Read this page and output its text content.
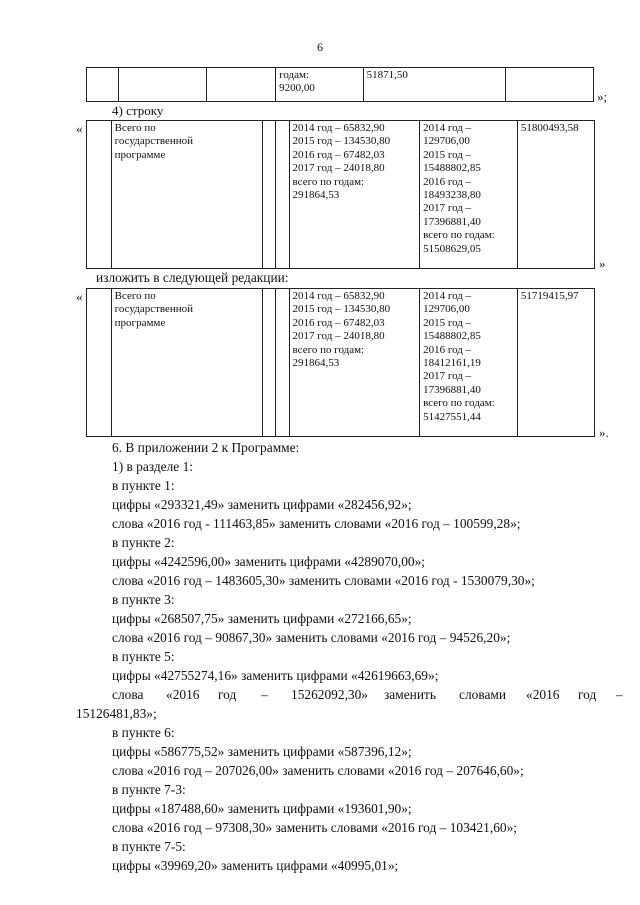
6
			годам:
9200,00	51871,50	
»;
4) строку
«
		Всего по
государственной
программе			2014 год – 65832,90
2015 год – 134530,80
2016 год – 67482,03
2017 год – 24018,80
всего по годам:
291864,53	2014 год –
129706,00
2015 год –
15488802,85
2016 год –
18493238,80
2017 год –
17396881,40
всего по годам:
51508629,05	51800493,58
»
изложить в следующей редакции:
«
		Всего по
государственной
программе			2014 год – 65832,90
2015 год – 134530,80
2016 год – 67482,03
2017 год – 24018,80
всего по годам:
291864,53	2014 год –
129706,00
2015 год –
15488802,85
2016 год –
18412161,19
2017 год –
17396881,40
всего по годам:
51427551,44	51719415,97
».
6. В приложении 2 к Программе:
1) в разделе 1:
в пункте 1:
цифры «293321,49» заменить цифрами «282456,92»;
слова «2016 год - 111463,85» заменить словами «2016 год – 100599,28»;
в пункте 2:
цифры «4242596,00» заменить цифрами «4289070,00»;
слова «2016 год – 1483605,30» заменить словами «2016 год - 1530079,30»;
в пункте 3:
цифры «268507,75» заменить цифрами «272166,65»;
слова «2016 год – 90867,30» заменить словами «2016 год – 94526,20»;
в пункте 5:
цифры «42755274,16» заменить цифрами «42619663,69»;
слова «2016 год – 15262092,30» заменить словами «2016 год –
15126481,83»;
в пункте 6:
цифры «586775,52» заменить цифрами «587396,12»;
слова «2016 год – 207026,00» заменить словами «2016 год – 207646,60»;
в пункте 7-3:
цифры «187488,60» заменить цифрами «193601,90»;
слова «2016 год – 97308,30» заменить словами «2016 год – 103421,60»;
в пункте 7-5:
цифры «39969,20» заменить цифрами «40995,01»;
